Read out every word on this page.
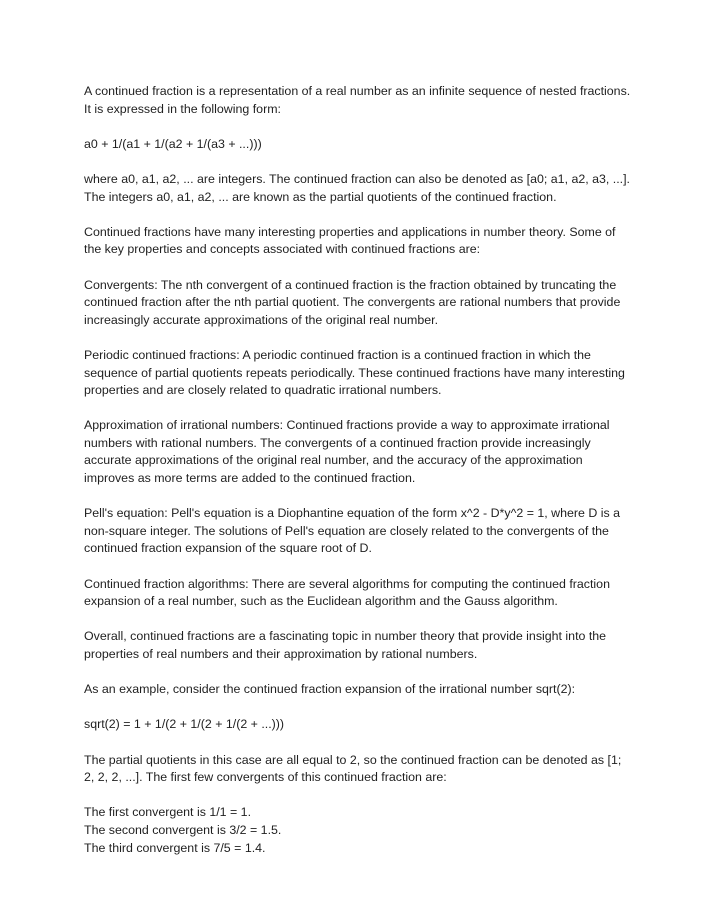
A continued fraction is a representation of a real number as an infinite sequence of nested fractions. It is expressed in the following form:

a0 + 1/(a1 + 1/(a2 + 1/(a3 + ...)))

where a0, a1, a2, ... are integers. The continued fraction can also be denoted as [a0; a1, a2, a3, ...]. The integers a0, a1, a2, ... are known as the partial quotients of the continued fraction.

Continued fractions have many interesting properties and applications in number theory. Some of the key properties and concepts associated with continued fractions are:

Convergents: The nth convergent of a continued fraction is the fraction obtained by truncating the continued fraction after the nth partial quotient. The convergents are rational numbers that provide increasingly accurate approximations of the original real number.

Periodic continued fractions: A periodic continued fraction is a continued fraction in which the sequence of partial quotients repeats periodically. These continued fractions have many interesting properties and are closely related to quadratic irrational numbers.

Approximation of irrational numbers: Continued fractions provide a way to approximate irrational numbers with rational numbers. The convergents of a continued fraction provide increasingly accurate approximations of the original real number, and the accuracy of the approximation improves as more terms are added to the continued fraction.

Pell's equation: Pell's equation is a Diophantine equation of the form x^2 - D*y^2 = 1, where D is a non-square integer. The solutions of Pell's equation are closely related to the convergents of the continued fraction expansion of the square root of D.

Continued fraction algorithms: There are several algorithms for computing the continued fraction expansion of a real number, such as the Euclidean algorithm and the Gauss algorithm.

Overall, continued fractions are a fascinating topic in number theory that provide insight into the properties of real numbers and their approximation by rational numbers.

As an example, consider the continued fraction expansion of the irrational number sqrt(2):

sqrt(2) = 1 + 1/(2 + 1/(2 + 1/(2 + ...)))

The partial quotients in this case are all equal to 2, so the continued fraction can be denoted as [1; 2, 2, 2, ...]. The first few convergents of this continued fraction are:

The first convergent is 1/1 = 1.

The second convergent is 3/2 = 1.5.

The third convergent is 7/5 = 1.4.
